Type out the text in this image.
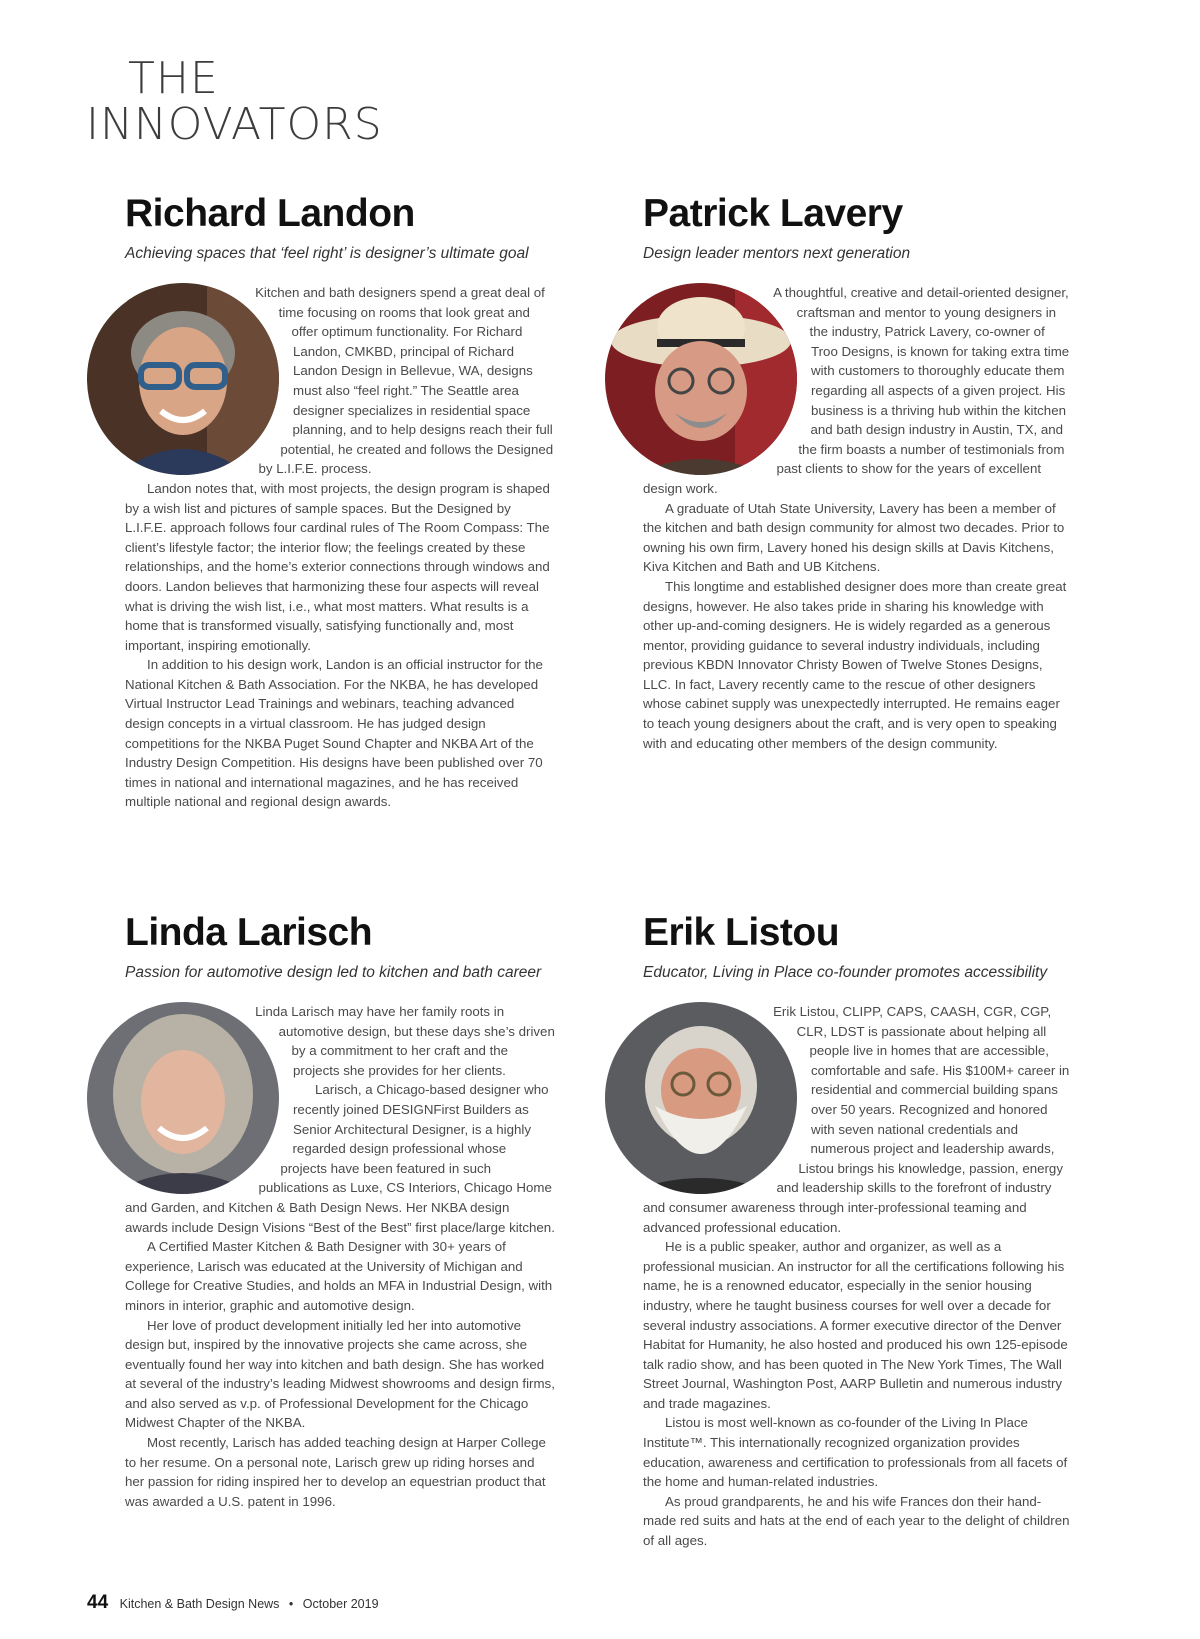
THE
INNOVATORS
Richard Landon
Achieving spaces that ‘feel right’ is designer’s ultimate goal

Kitchen and bath designers spend a great deal of time focusing on rooms that look great and offer optimum functionality. For Richard Landon, CMKBD, principal of Richard Landon Design in Bellevue, WA, designs must also “feel right.” The Seattle area designer specializes in residential space planning, and to help designs reach their full potential, he created and follows the Designed by L.I.F.E. process.

Landon notes that, with most projects, the design program is shaped by a wish list and pictures of sample spaces. But the Designed by L.I.F.E. approach follows four cardinal rules of The Room Compass: The client’s lifestyle factor; the interior flow; the feelings created by these relationships, and the home’s exterior connections through windows and doors. Landon believes that harmonizing these four aspects will reveal what is driving the wish list, i.e., what most matters. What results is a home that is transformed visually, satisfying functionally and, most important, inspiring emotionally.

In addition to his design work, Landon is an official instructor for the National Kitchen & Bath Association. For the NKBA, he has developed Virtual Instructor Lead Trainings and webinars, teaching advanced design concepts in a virtual classroom. He has judged design competitions for the NKBA Puget Sound Chapter and NKBA Art of the Industry Design Competition. His designs have been published over 70 times in national and international magazines, and he has received multiple national and regional design awards.

Patrick Lavery
Design leader mentors next generation

A thoughtful, creative and detail-oriented designer, craftsman and mentor to young designers in the industry, Patrick Lavery, co-owner of Troo Designs, is known for taking extra time with customers to thoroughly educate them regarding all aspects of a given project. His business is a thriving hub within the kitchen and bath design industry in Austin, TX, and the firm boasts a number of testimonials from past clients to show for the years of excellent design work.

A graduate of Utah State University, Lavery has been a member of the kitchen and bath design community for almost two decades. Prior to owning his own firm, Lavery honed his design skills at Davis Kitchens, Kiva Kitchen and Bath and UB Kitchens.

This longtime and established designer does more than create great designs, however. He also takes pride in sharing his knowledge with other up-and-coming designers. He is widely regarded as a generous mentor, providing guidance to several industry individuals, including previous KBDN Innovator Christy Bowen of Twelve Stones Designs, LLC. In fact, Lavery recently came to the rescue of other designers whose cabinet supply was unexpectedly interrupted. He remains eager to teach young designers about the craft, and is very open to speaking with and educating other members of the design community.

Linda Larisch
Passion for automotive design led to kitchen and bath career

Linda Larisch may have her family roots in automotive design, but these days she’s driven by a commitment to her craft and the projects she provides for her clients.

Larisch, a Chicago-based designer who recently joined DESIGNFirst Builders as Senior Architectural Designer, is a highly regarded design professional whose projects have been featured in such publications as Luxe, CS Interiors, Chicago Home and Garden, and Kitchen & Bath Design News. Her NKBA design awards include Design Visions “Best of the Best” first place/large kitchen.

A Certified Master Kitchen & Bath Designer with 30+ years of experience, Larisch was educated at the University of Michigan and College for Creative Studies, and holds an MFA in Industrial Design, with minors in interior, graphic and automotive design.

Her love of product development initially led her into automotive design but, inspired by the innovative projects she came across, she eventually found her way into kitchen and bath design. She has worked at several of the industry’s leading Midwest showrooms and design firms, and also served as v.p. of Professional Development for the Chicago Midwest Chapter of the NKBA.

Most recently, Larisch has added teaching design at Harper College to her resume. On a personal note, Larisch grew up riding horses and her passion for riding inspired her to develop an equestrian product that was awarded a U.S. patent in 1996.

Erik Listou
Educator, Living in Place co-founder promotes accessibility

Erik Listou, CLIPP, CAPS, CAASH, CGR, CGP, CLR, LDST is passionate about helping all people live in homes that are accessible, comfortable and safe. His $100M+ career in residential and commercial building spans over 50 years. Recognized and honored with seven national credentials and numerous project and leadership awards, Listou brings his knowledge, passion, energy and leadership skills to the forefront of industry and consumer awareness through inter-professional teaming and advanced professional education.

He is a public speaker, author and organizer, as well as a professional musician. An instructor for all the certifications following his name, he is a renowned educator, especially in the senior housing industry, where he taught business courses for well over a decade for several industry associations. A former executive director of the Denver Habitat for Humanity, he also hosted and produced his own 125-episode talk radio show, and has been quoted in The New York Times, The Wall Street Journal, Washington Post, AARP Bulletin and numerous industry and trade magazines.

Listou is most well-known as co-founder of the Living In Place Institute™. This internationally recognized organization provides education, awareness and certification to professionals from all facets of the home and human-related industries.

As proud grandparents, he and his wife Frances don their hand-made red suits and hats at the end of each year to the delight of children of all ages.

44 Kitchen & Bath Design News • October 2019
